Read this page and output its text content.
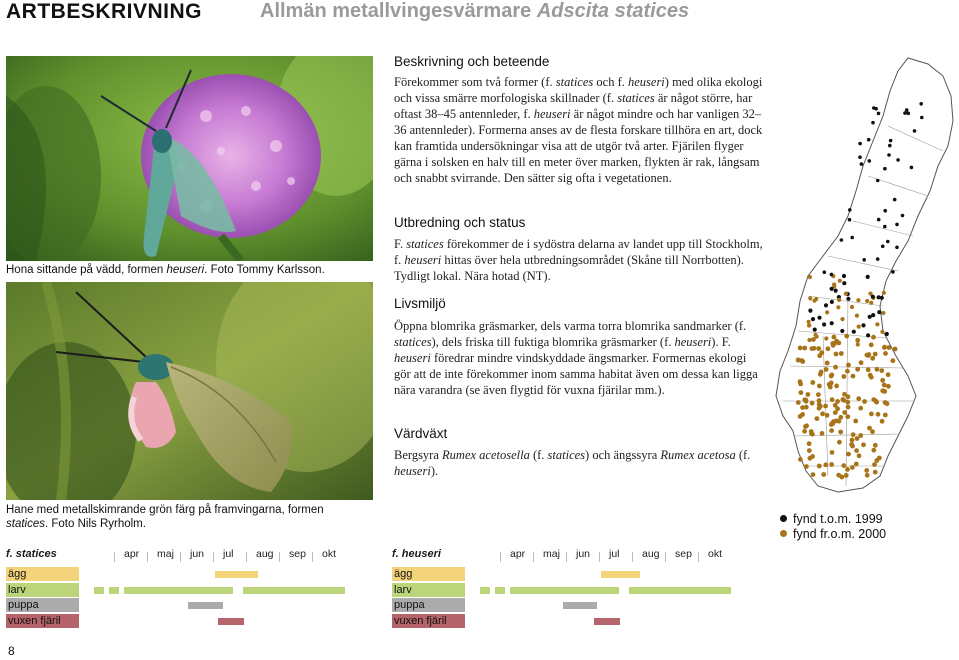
ARTBESKRIVNING	Allmän metallvingesvärmare Adscita statices
Hona sittande på vädd, formen heuseri. Foto Tommy Karlsson.
Hane med metallskimrande grön färg på framvingarna, formen
statices. Foto Nils Ryrholm.
Beskrivning och beteende
Förekommer som två former (f. statices och f. heuseri) med olika ekologi och vissa smärre morfologiska skillnader (f. statices är något större, har oftast 38–45 antennleder, f. heuseri är något mindre och har vanligen 32–36 antennleder). Formerna anses av de flesta forskare tillhöra en art, dock kan framtida undersökningar visa att de utgör två arter. Fjärilen flyger gärna i solsken en halv till en meter över marken, flykten är rak, långsam och snabbt svirrande. Den sätter sig ofta i vegetationen.
Utbredning och status
F. statices förekommer de i sydöstra delarna av landet upp till Stockholm, f. heuseri hittas över hela utbredningsområdet (Skåne till Norrbotten). Tydligt lokal. Nära hotad (NT).
Livsmiljö
Öppna blomrika gräsmarker, dels varma torra blomrika sandmarker (f. statices), dels friska till fuktiga blomrika gräsmarker (f. heuseri). F. heuseri föredrar mindre vindskyddade ängsmarker. Formernas ekologi gör att de inte förekommer inom samma habitat även om dessa kan ligga nära varandra (se även flygtid för vuxna fjärilar mm.).
Värdväxt
Bergsyra Rumex acetosella (f. statices) och ängssyra Rumex acetosa (f. heuseri).
fynd t.o.m. 1999
fynd fr.o.m. 2000
f. statices	apr maj jun jul aug sep okt
ägg
larv
puppa
vuxen fjäril
f. heuseri	apr maj jun jul aug sep okt
ägg
larv
puppa
vuxen fjäril
8
